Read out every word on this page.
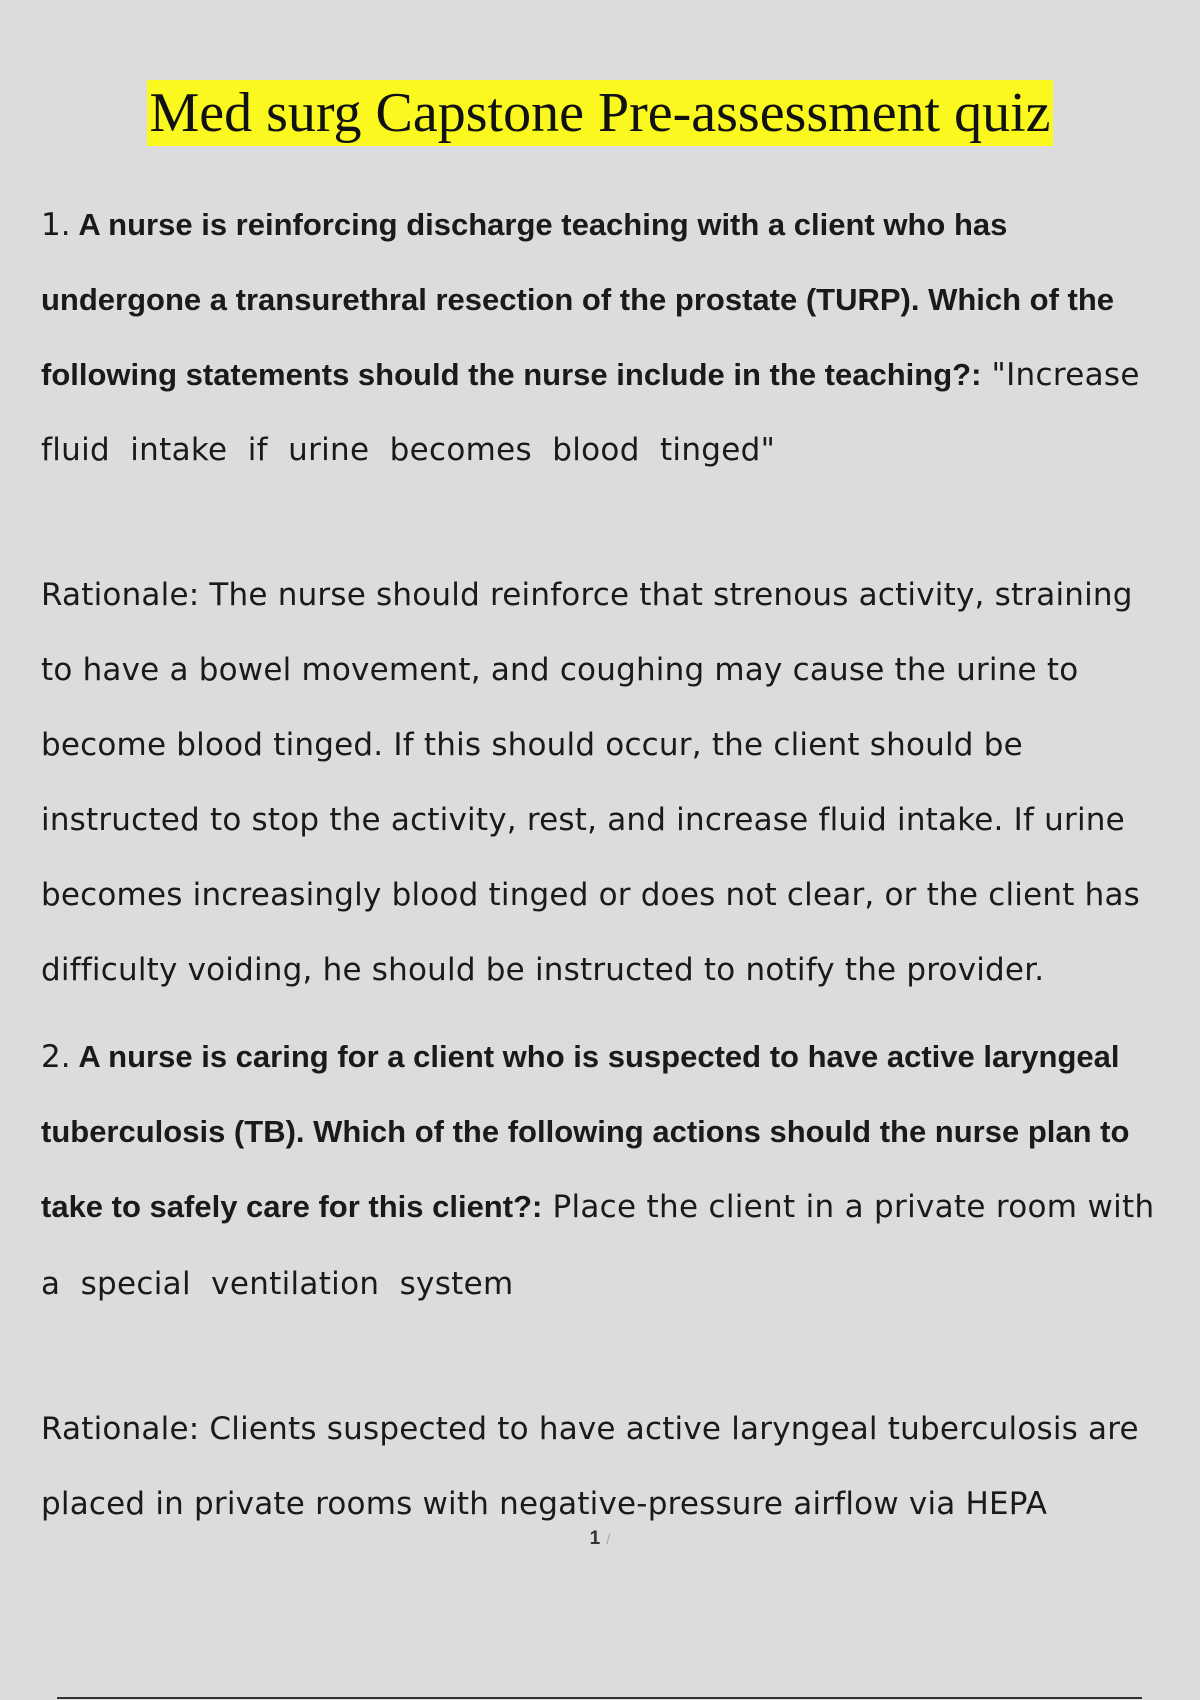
Med surg Capstone Pre-assessment quiz
1. A nurse is reinforcing discharge teaching with a client who has
undergone a transurethral resection of the prostate (TURP). Which of the
following statements should the nurse include in the teaching?: "Increase
fluid  intake  if  urine  becomes  blood  tinged"
Rationale: The nurse should reinforce that strenous activity, straining
to have a bowel movement, and coughing may cause the urine to
become blood tinged. If this should occur, the client should be
instructed to stop the activity, rest, and increase fluid intake. If urine
becomes increasingly blood tinged or does not clear, or the client has
difficulty voiding, he should be instructed to notify the provider.
2. A nurse is caring for a client who is suspected to have active laryngeal
tuberculosis (TB). Which of the following actions should the nurse plan to
take to safely care for this client?: Place the client in a private room with
a  special  ventilation  system
Rationale: Clients suspected to have active laryngeal tuberculosis are
placed in private rooms with negative-pressure airflow via HEPA
1 /
